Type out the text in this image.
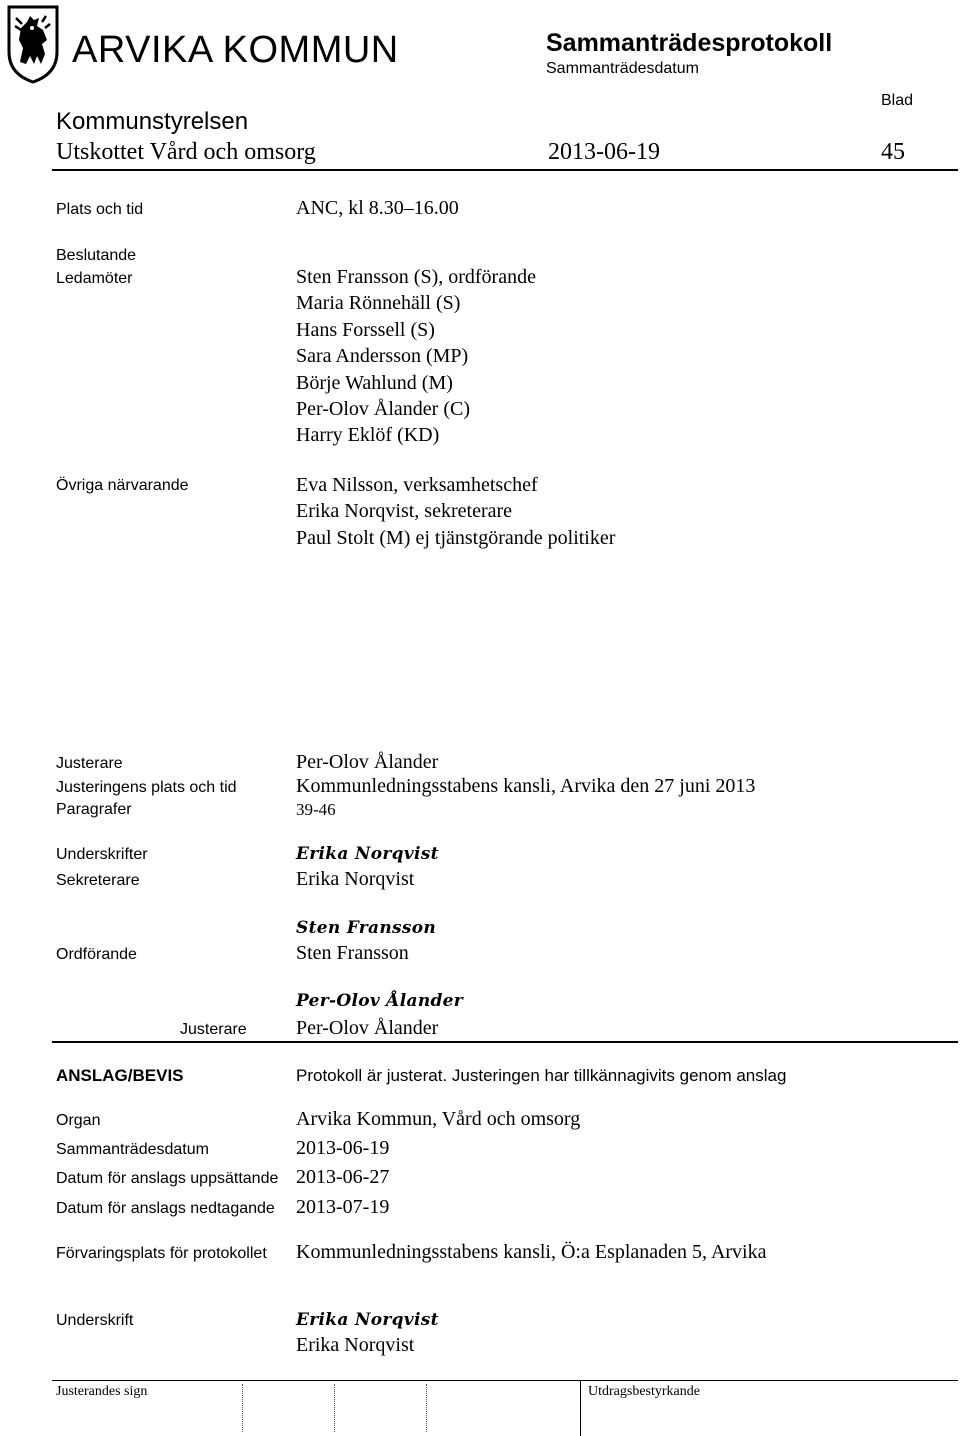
ARVIKA KOMMUN	Sammanträdesprotokoll
Sammanträdesdatum
Blad
Kommunstyrelsen
Utskottet Vård och omsorg	2013-06-19	45
Plats och tid	ANC, kl 8.30–16.00
Beslutande
Ledamöter	Sten Fransson (S), ordförande
Maria Rönnehäll (S)
Hans Forssell (S)
Sara Andersson (MP)
Börje Wahlund (M)
Per-Olov Ålander (C)
Harry Eklöf (KD)
Övriga närvarande	Eva Nilsson, verksamhetschef
Erika Norqvist, sekreterare
Paul Stolt (M) ej tjänstgörande politiker
Justerare	Per-Olov Ålander
Justeringens plats och tid	Kommunledningsstabens kansli, Arvika den 27 juni 2013
Paragrafer	39-46
Underskrifter	Erika Norqvist
Sekreterare	Erika Norqvist
Sten Fransson
Ordförande	Sten Fransson
Per-Olov Ålander
Justerare Per-Olov Ålander
ANSLAG/BEVIS	Protokoll är justerat. Justeringen har tillkännagivits genom anslag
Organ	Arvika Kommun, Vård och omsorg
Sammanträdesdatum	2013-06-19
Datum för anslags uppsättande 2013-06-27
Datum för anslags nedtagande 2013-07-19
Förvaringsplats för protokollet Kommunledningsstabens kansli, Ö:a Esplanaden 5, Arvika
Underskrift	Erika Norqvist
Erika Norqvist
Justerandes sign	Utdragsbestyrkande
